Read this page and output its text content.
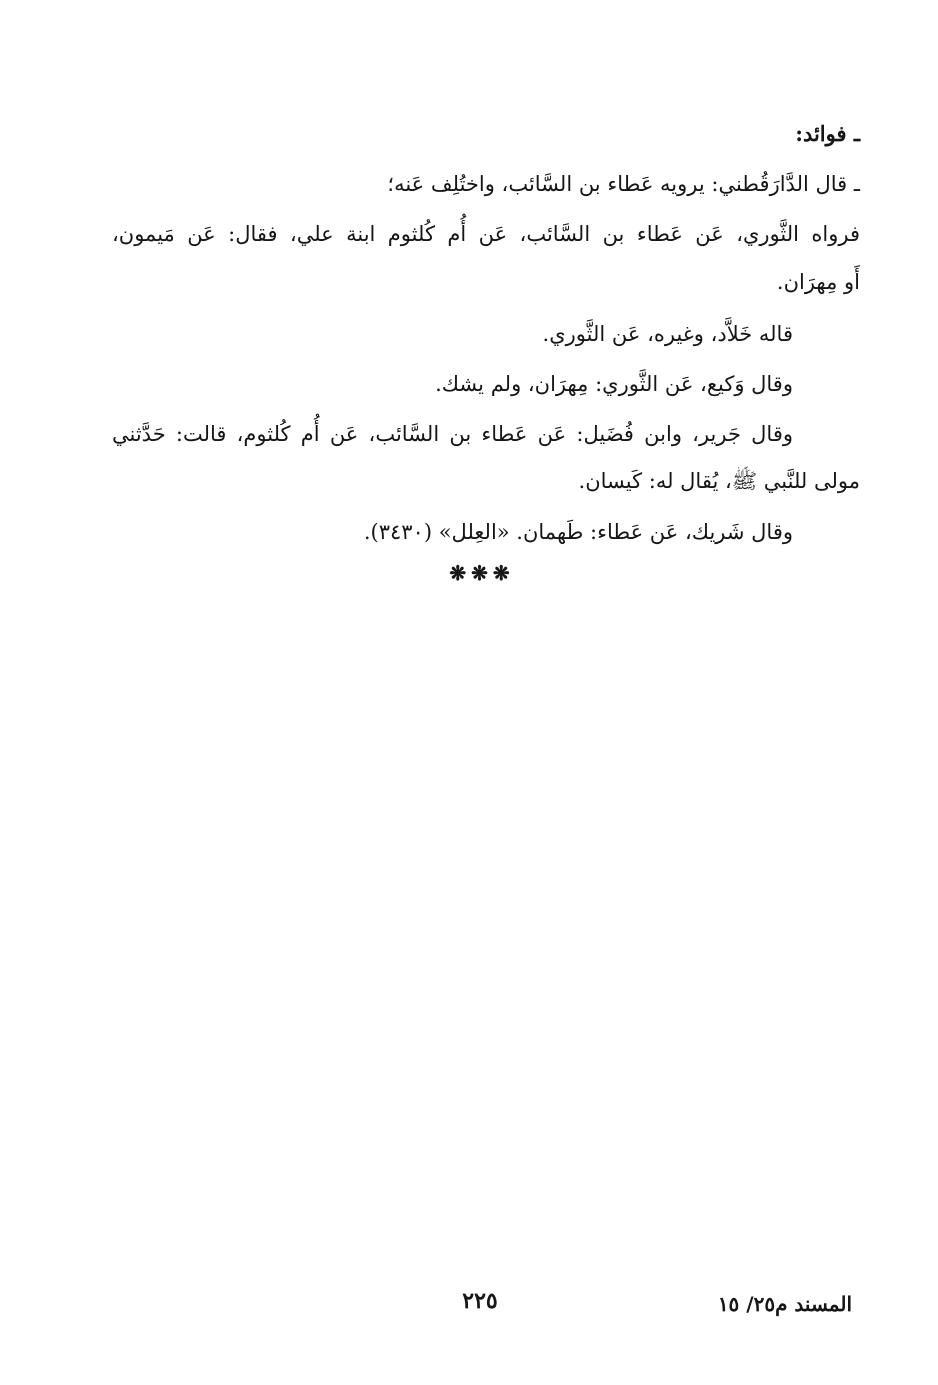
ـ فوائد:
ـ قال الدَّارَقُطني: يرويه عَطاء بن السَّائب، واختُلِف عَنه؛
فرواه الثَّوري، عَن عَطاء بن السَّائب، عَن أُم كُلثوم ابنة علي، فقال: عَن مَيمون،
أَو مِهرَان.
قاله خَلاَّد، وغيره، عَن الثَّوري.
وقال وَكيع، عَن الثَّوري: مِهرَان، ولم يشك.
وقال جَرير، وابن فُضَيل: عَن عَطاء بن السَّائب، عَن أُم كُلثوم، قالت: حَدَّثني
مولى للنَّبي ﷺ، يُقال له: كَيسان.
وقال شَريك، عَن عَطاء: طَهمان. «العِلل» (٣٤٣٠).
❋❋❋
٢٢٥	المسند م٢٥/ ١٥
